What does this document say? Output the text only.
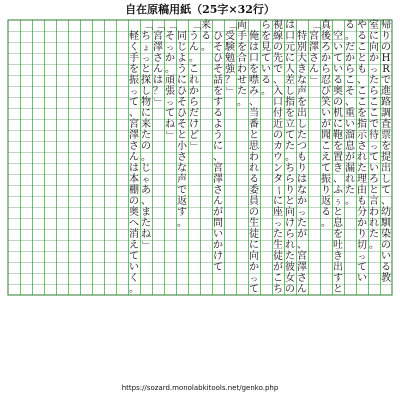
自在原稿用紙（25字×32行）
帰
り
の
H
R
で
進
路
調
査
票
を
提
出
し
て
、
幼
馴
染
の
い
る
教
室
に
向
か
っ
た
ら
こ
こ
で
待
っ
て
い
ろ
と
言
わ
れ
た
。
や
る
こ
と
も
、
こ
こ
を
指
示
さ
れ
た
理
由
も
分
か
り
切
っ
て
い
る
。
だ
か
ら
こ
そ
、
重
い
溜
息
が
漏
れ
た
。

空
い
て
い
る
奥
の
机
に
鞄
を
置
き
、
ふ
ぅ
と
息
を
吐
き
出
す
と
真
後
ろ
か
ら
忍
び
笑
い
が
聞
こ
え
て
振
り
返
る
。
「
宮
澤
さ
ん
」

特
別
大
き
な
声
を
出
し
た
つ
も
り
は
な
か
っ
た
が
、
宮
澤
さ
ん
は
口
元
に
人
差
し
指
を
立
て
た
。
ち
ら
り
と
向
け
ら
れ
た
彼
女
の
視
線
の
先
で
、
入
口
付
近
の
カ
ウ
ン
タ
ー
に
座
っ
た
生
徒
が
こ
ち
ら
を
見
て
い
る
。

俺
は
口
を
噤
み
、
当
番
と
思
わ
れ
る
委
員
の
生
徒
に
向
か
っ
て
両
手
を
合
わ
せ
た
。
「
受
験
勉
強
？
」

ひ
そ
ひ
そ
話
を
す
る
よ
う
に
、
宮
澤
さ
ん
が
問
い
か
け
て
来
る
。
「
う
ん
。
こ
れ
か
ら
だ
け
ど
」

同
じ
よ
う
に
ひ
そ
ひ
そ
と
小
さ
な
声
で
返
す
。
「
そ
っ
か
。
頑
張
っ
て
ね
」
「
宮
澤
さ
ん
は
？
」
「
ち
ょ
っ
と
探
し
物
に
来
た
の
。
じ
ゃ
あ
、
ま
た
ね
」

軽
く
手
を
振
っ
て
、
宮
澤
さ
ん
は
本
棚
の
奥
へ
消
え
て
い
く
。
https://sozard.monolabkitools.net/genko.php
